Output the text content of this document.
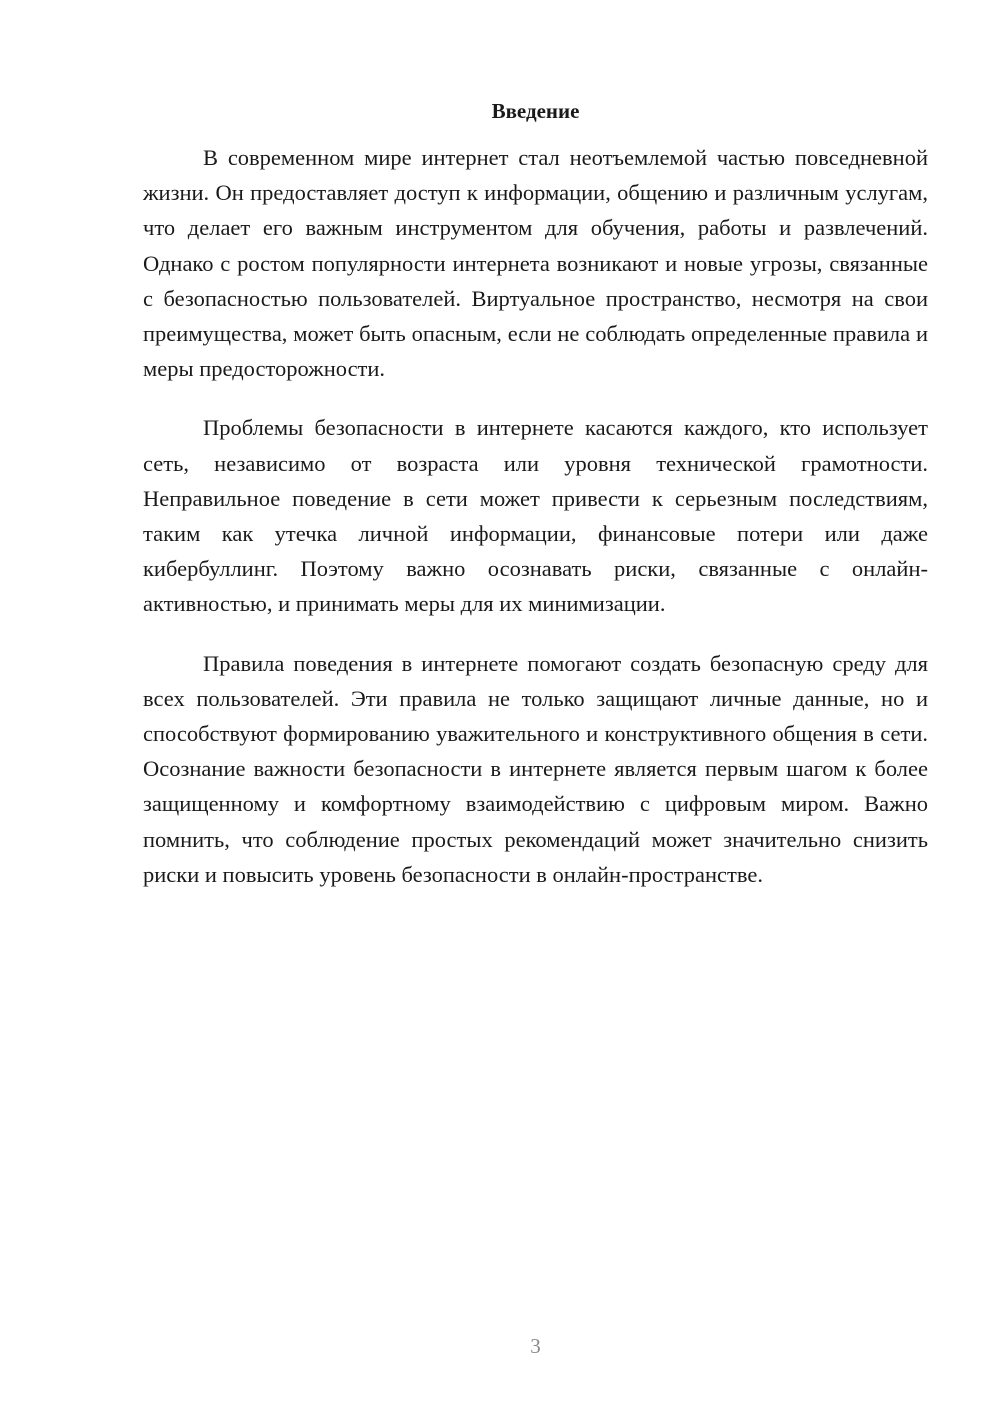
Введение

В современном мире интернет стал неотъемлемой частью повседневной жизни. Он предоставляет доступ к информации, общению и различным услугам, что делает его важным инструментом для обучения, работы и развлечений. Однако с ростом популярности интернета возникают и новые угрозы, связанные с безопасностью пользователей. Виртуальное пространство, несмотря на свои преимущества, может быть опасным, если не соблюдать определенные правила и меры предосторожности.

Проблемы безопасности в интернете касаются каждого, кто использует сеть, независимо от возраста или уровня технической грамотности. Неправильное поведение в сети может привести к серьезным последствиям, таким как утечка личной информации, финансовые потери или даже кибербуллинг. Поэтому важно осознавать риски, связанные с онлайн-активностью, и принимать меры для их минимизации.

Правила поведения в интернете помогают создать безопасную среду для всех пользователей. Эти правила не только защищают личные данные, но и способствуют формированию уважительного и конструктивного общения в сети. Осознание важности безопасности в интернете является первым шагом к более защищенному и комфортному взаимодействию с цифровым миром. Важно помнить, что соблюдение простых рекомендаций может значительно снизить риски и повысить уровень безопасности в онлайн-пространстве.

3
